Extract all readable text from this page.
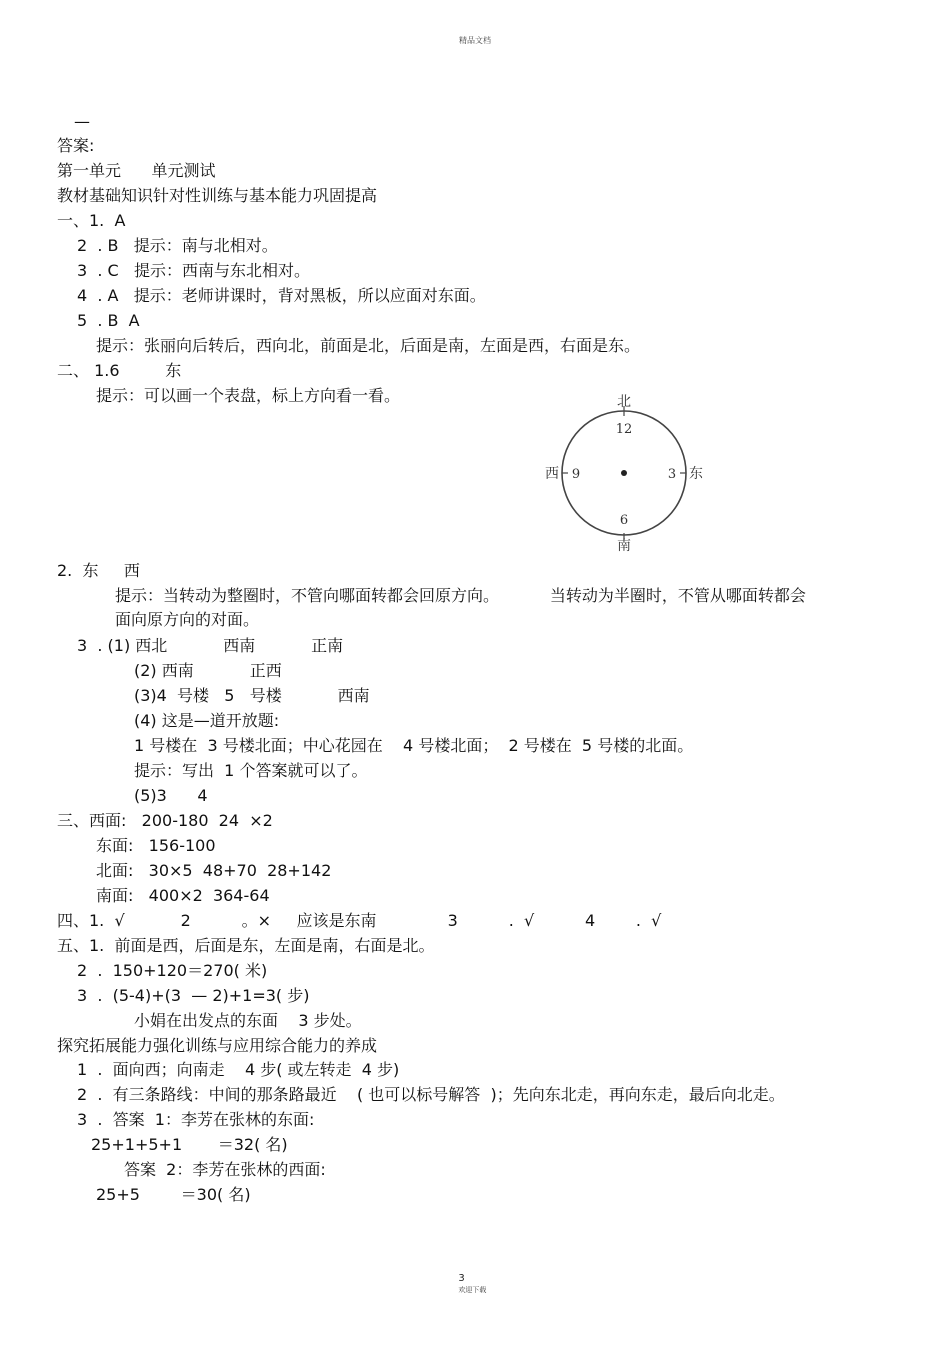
精品文档
—
答案:
第一单元      单元测试
教材基础知识针对性训练与基本能力巩固提高
一、1.  A
2  . B   提示：南与北相对。
3  . C   提示：西南与东北相对。
4  . A   提示：老师讲课时，背对黑板，所以应面对东面。
5  . B  A
提示：张丽向后转后，西向北，前面是北，后面是南，左面是西，右面是东。
二、 1.6         东
提示：可以画一个表盘，标上方向看一看。	北
12
西 9	3 东
6
南
2.  东     西
提示：当转动为整圈时，不管向哪面转都会回原方向。          当转动为半圈时，不管从哪面转都会
面向原方向的对面。
3  . (1) 西北           西南           正南
(2) 西南           正西
(3)4  号楼   5   号楼           西南
(4) 这是—道开放题:
1 号楼在  3 号楼北面；中心花园在    4 号楼北面；  2 号楼在  5 号楼的北面。
提示：写出  1 个答案就可以了。
(5)3      4
三、西面:   200-180  24  ×2
东面:   156-100
北面:   30×5  48+70  28+142
南面:   400×2  364-64
四、1.  √           2          。×     应该是东南              3          .  √          4        .  √
五、1.  前面是西，后面是东，左面是南，右面是北。
2  .  150+120＝270( 米)
3  .  (5-4)+(3  — 2)+1=3( 步)
小娟在出发点的东面    3 步处。
探究拓展能力强化训练与应用综合能力的养成
1  .  面向西；向南走    4 步( 或左转走  4 步)
2  .  有三条路线：中间的那条路最近    ( 也可以标号解答  )；先向东北走，再向东走，最后向北走。
3  .  答案  1：李芳在张林的东面:
25+1+5+1       ＝32( 名)
答案  2：李芳在张林的西面:
25+5        ＝30( 名)

3
欢迎下载
